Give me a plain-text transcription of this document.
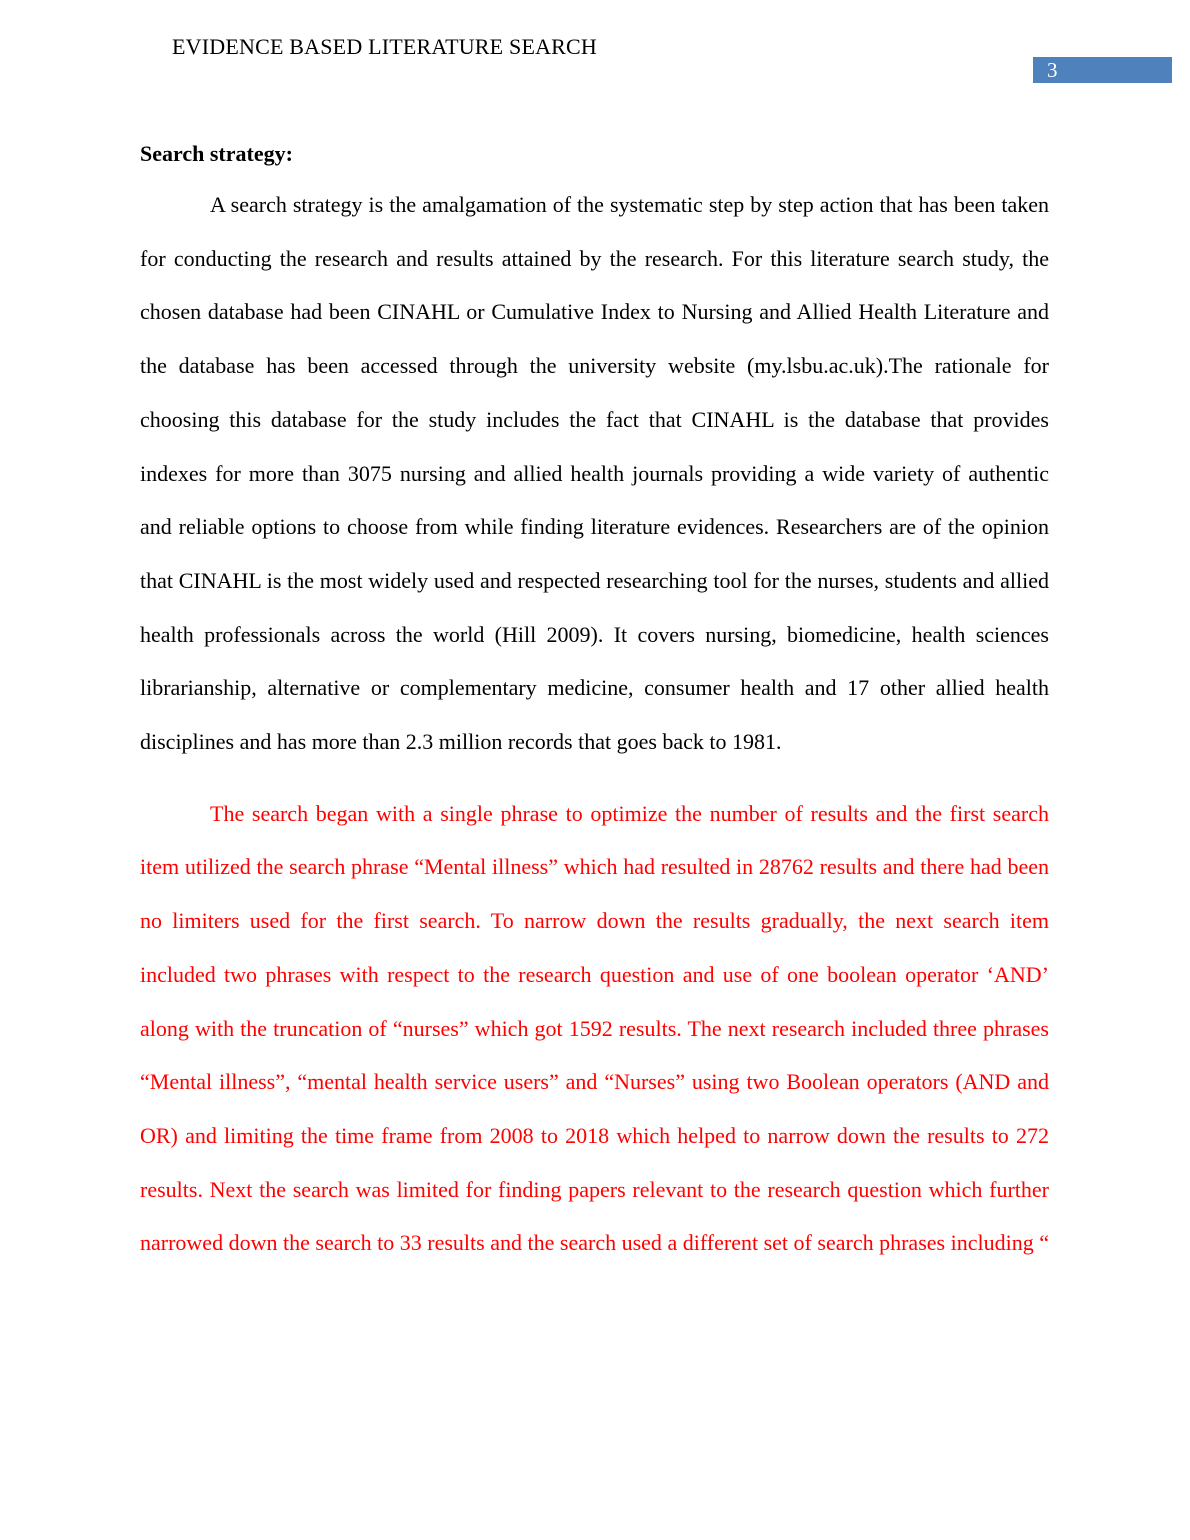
EVIDENCE BASED LITERATURE SEARCH
3
Search strategy:

A search strategy is the amalgamation of the systematic step by step action that has been taken for conducting the research and results attained by the research. For this literature search study, the chosen database had been CINAHL or Cumulative Index to Nursing and Allied Health Literature and the database has been accessed through the university website (my.lsbu.ac.uk).The rationale for choosing this database for the study includes the fact that CINAHL is the database that provides indexes for more than 3075 nursing and allied health journals providing a wide variety of authentic and reliable options to choose from while finding literature evidences. Researchers are of the opinion that CINAHL is the most widely used and respected researching tool for the nurses, students and allied health professionals across the world (Hill 2009). It covers nursing, biomedicine, health sciences librarianship, alternative or complementary medicine, consumer health and 17 other allied health disciplines and has more than 2.3 million records that goes back to 1981.

The search began with a single phrase to optimize the number of results and the first search item utilized the search phrase “Mental illness” which had resulted in 28762 results and there had been no limiters used for the first search. To narrow down the results gradually, the next search item included two phrases with respect to the research question and use of one boolean operator ‘AND’ along with the truncation of “nurses” which got 1592 results. The next research included three phrases “Mental illness”, “mental health service users” and “Nurses” using two Boolean operators (AND and OR) and limiting the time frame from 2008 to 2018 which helped to narrow down the results to 272 results. Next the search was limited for finding papers relevant to the research question which further narrowed down the search to 33 results and the search used a different set of search phrases including “
